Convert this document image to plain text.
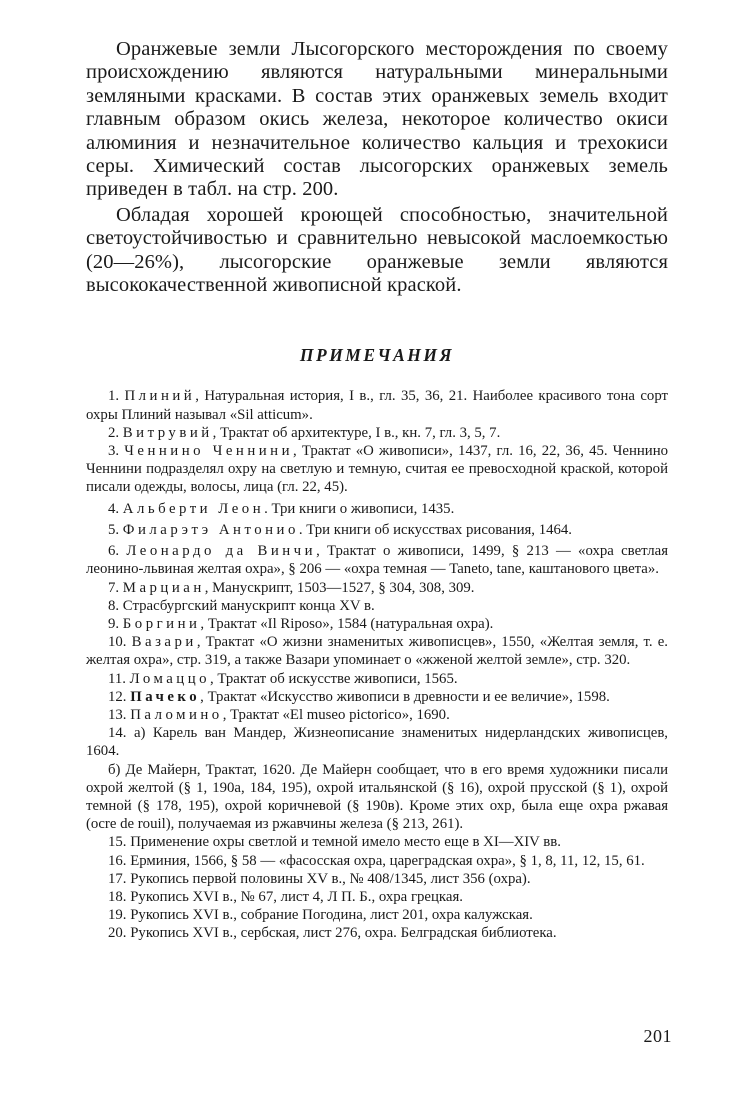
Оранжевые земли Лысогорского месторождения по своему происхождению являются натуральными минеральными земляными красками. В состав этих оранжевых земель входит главным образом окись железа, некоторое количество окиси алюминия и незначительное количество кальция и трехокиси серы. Химический состав лысогорских оранжевых земель приведен в табл. на стр. 200.

Обладая хорошей кроющей способностью, значительной светоустойчивостью и сравнительно невысокой маслоемкостью (20—26%), лысогорские оранжевые земли являются высококачественной живописной краской.

ПРИМЕЧАНИЯ

1. Плиний, Натуральная история, I в., гл. 35, 36, 21. Наиболее красивого тона сорт охры Плиний называл «Sil atticum».

2. Витрувий, Трактат об архитектуре, I в., кн. 7, гл. 3, 5, 7.

3. Ченнино Ченнини, Трактат «О живописи», 1437, гл. 16, 22, 36, 45. Ченнино Ченнини подразделял охру на светлую и темную, считая ее превосходной краской, которой писали одежды, волосы, лица (гл. 22, 45).

4. Альберти Леон. Три книги о живописи, 1435.

5. Филарэтэ Антонио. Три книги об искусствах рисования, 1464.

6. Леонардо да Винчи, Трактат о живописи, 1499, § 213 — «охра светлая леонино-львиная желтая охра», § 206 — «охра темная — Taneto, tane, каштанового цвета».

7. Марциан, Манускрипт, 1503—1527, § 304, 308, 309.

8. Страсбургский манускрипт конца XV в.

9. Боргини, Трактат «Il Riposo», 1584 (натуральная охра).

10. Вазари, Трактат «О жизни знаменитых живописцев», 1550, «Желтая земля, т. е. желтая охра», стр. 319, а также Вазари упоминает о «жженой желтой земле», стр. 320.

11. Ломаццо, Трактат об искусстве живописи, 1565.

12. Пачеко, Трактат «Искусство живописи в древности и ее величие», 1598.

13. Паломино, Трактат «El museo pictorico», 1690.

14. а) Карель ван Мандер, Жизнеописание знаменитых нидерландских живописцев, 1604.

б) Де Майерн, Трактат, 1620. Де Майерн сообщает, что в его время художники писали охрой желтой (§ 1, 190а, 184, 195), охрой итальянской (§ 16), охрой прусской (§ 1), охрой темной (§ 178, 195), охрой коричневой (§ 190в). Кроме этих охр, была еще охра ржавая (ocre de rouil), получаемая из ржавчины железа (§ 213, 261).

15. Применение охры светлой и темной имело место еще в XI—XIV вв.

16. Ерминия, 1566, § 58 — «фасосская охра, цареградская охра», § 1, 8, 11, 12, 15, 61.

17. Рукопись первой половины XV в., № 408/1345, лист 356 (охра).

18. Рукопись XVI в., № 67, лист 4, Л П. Б., охра грецкая.

19. Рукопись XVI в., собрание Погодина, лист 201, охра калужская.

20. Рукопись XVI в., сербская, лист 276, охра. Белградская библиотека.

201
